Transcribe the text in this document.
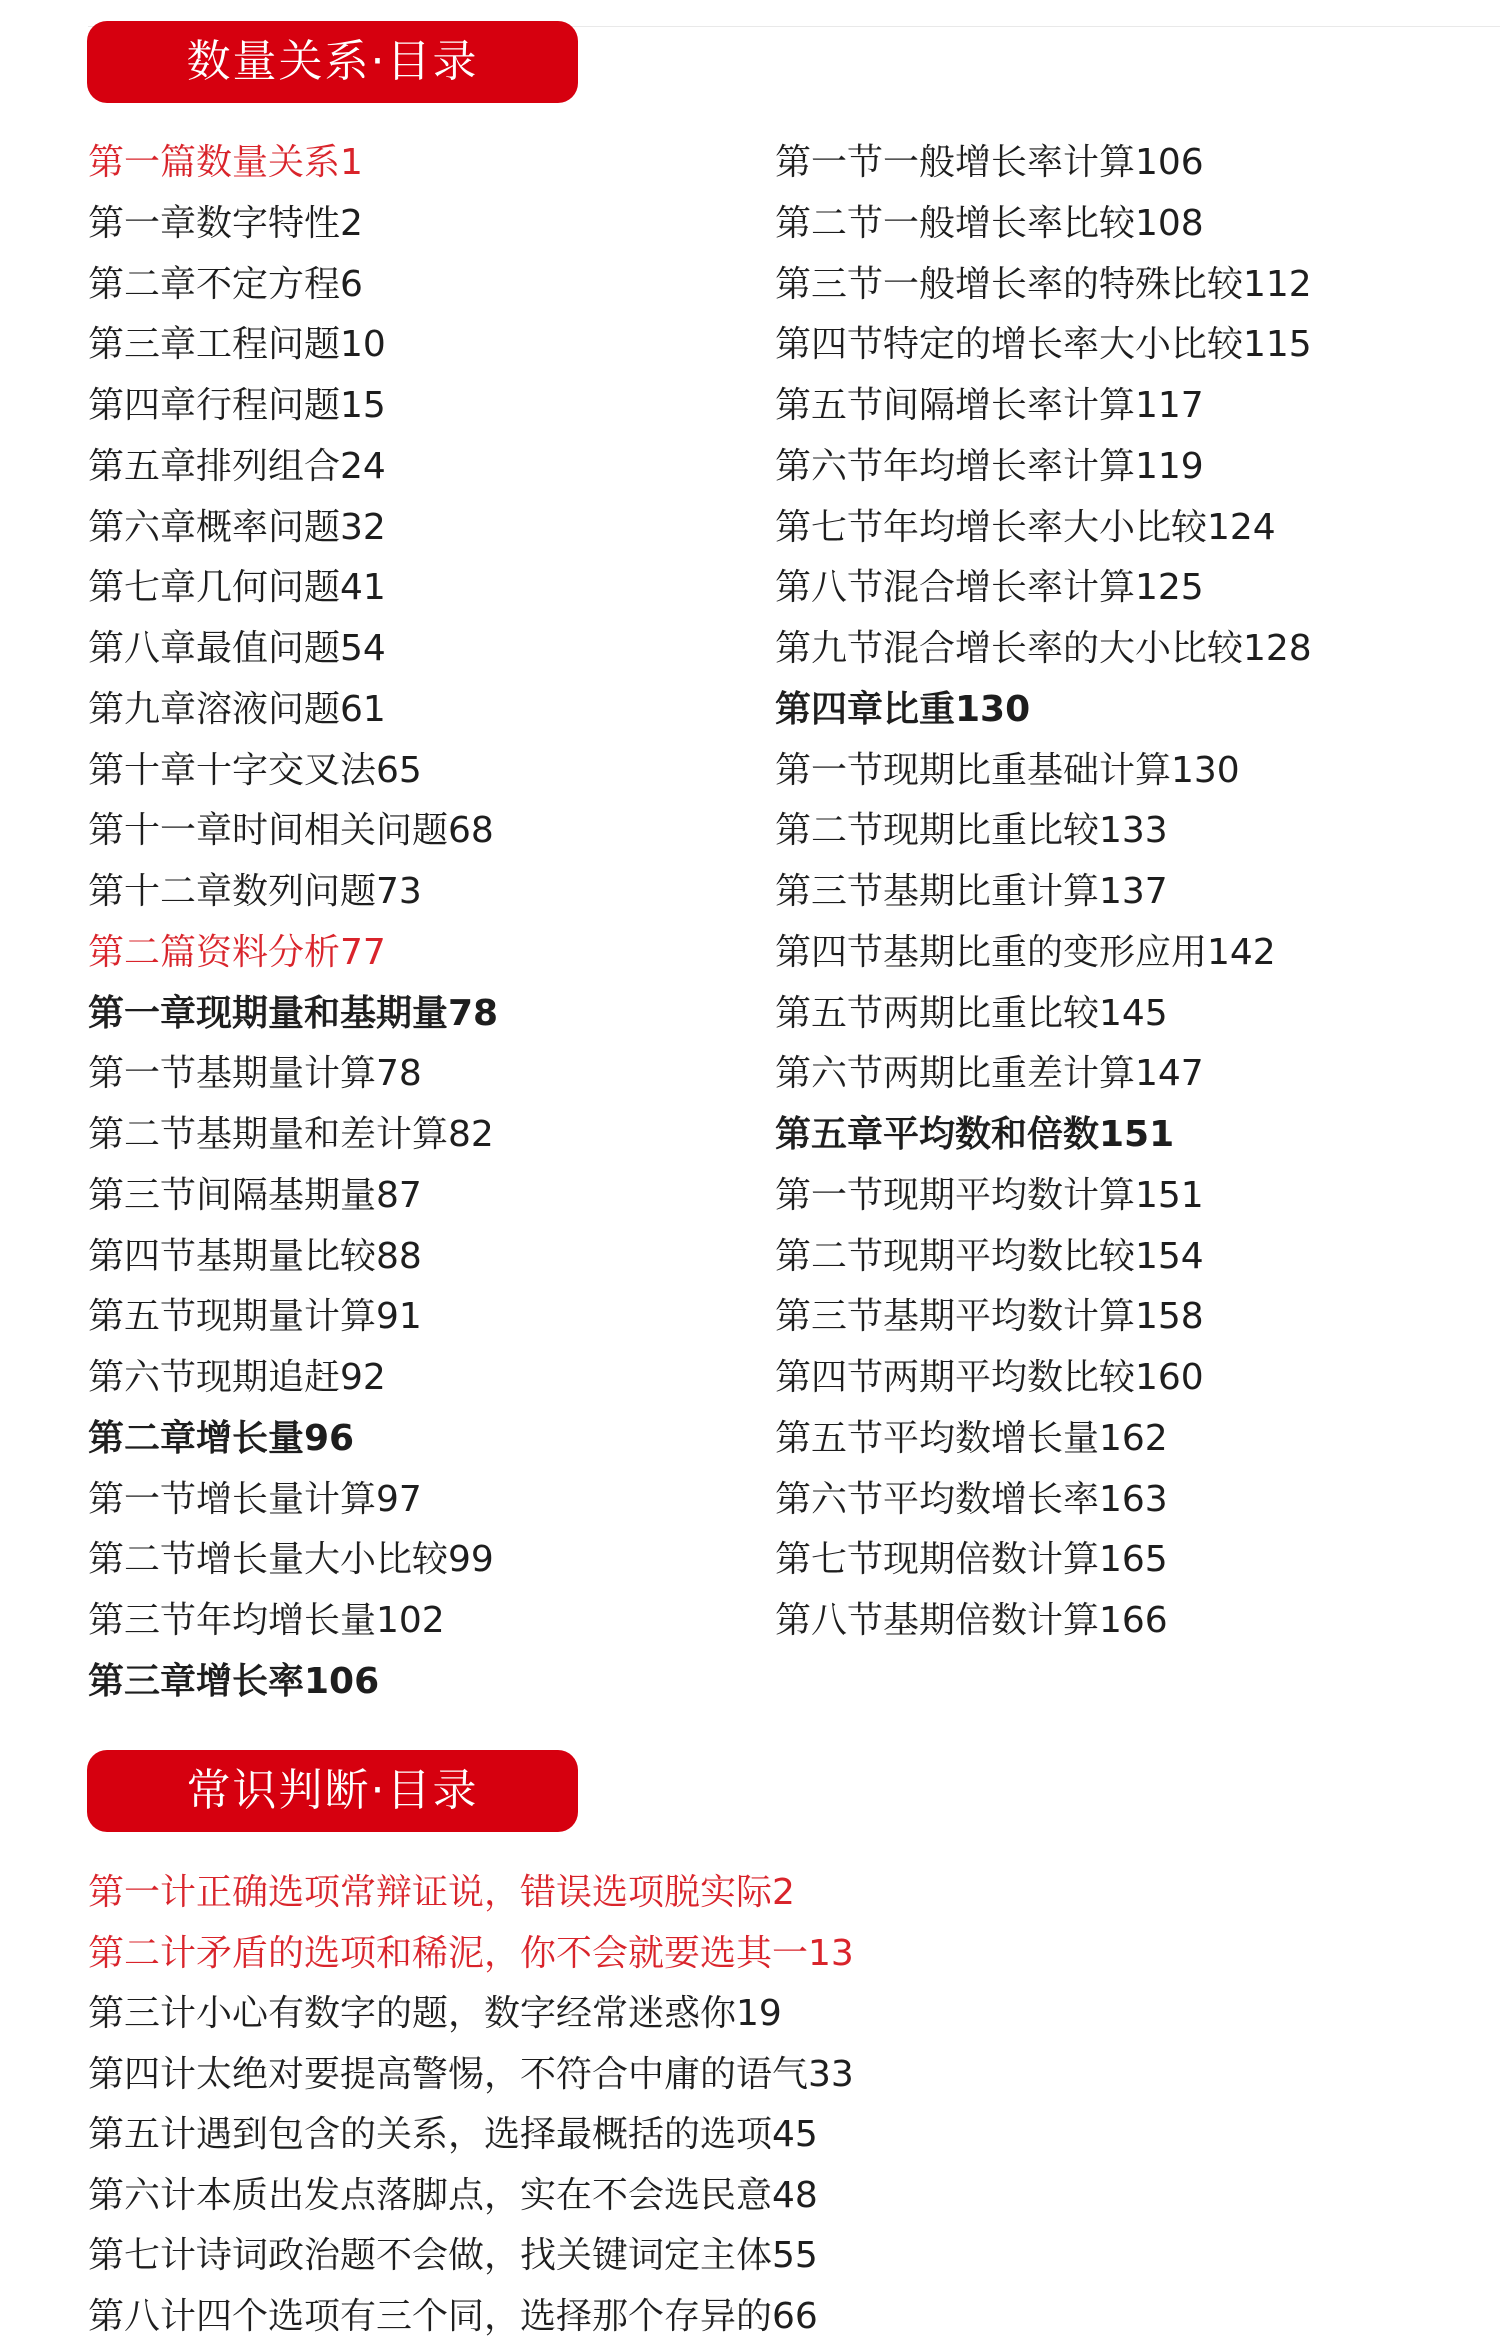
数量关系·目录
第一篇数量关系1
第一章数字特性2
第二章不定方程6
第三章工程问题10
第四章行程问题15
第五章排列组合24
第六章概率问题32
第七章几何问题41
第八章最值问题54
第九章溶液问题61
第十章十字交叉法65
第十一章时间相关问题68
第十二章数列问题73
第二篇资料分析77
第一章现期量和基期量78
第一节基期量计算78
第二节基期量和差计算82
第三节间隔基期量87
第四节基期量比较88
第五节现期量计算91
第六节现期追赶92
第二章增长量96
第一节增长量计算97
第二节增长量大小比较99
第三节年均增长量102
第三章增长率106
第一节一般增长率计算106
第二节一般增长率比较108
第三节一般增长率的特殊比较112
第四节特定的增长率大小比较115
第五节间隔增长率计算117
第六节年均增长率计算119
第七节年均增长率大小比较124
第八节混合增长率计算125
第九节混合增长率的大小比较128
第四章比重130
第一节现期比重基础计算130
第二节现期比重比较133
第三节基期比重计算137
第四节基期比重的变形应用142
第五节两期比重比较145
第六节两期比重差计算147
第五章平均数和倍数151
第一节现期平均数计算151
第二节现期平均数比较154
第三节基期平均数计算158
第四节两期平均数比较160
第五节平均数增长量162
第六节平均数增长率163
第七节现期倍数计算165
第八节基期倍数计算166
常识判断·目录
第一计正确选项常辩证说，错误选项脱实际2
第二计矛盾的选项和稀泥，你不会就要选其一13
第三计小心有数字的题，数字经常迷惑你19
第四计太绝对要提高警惕，不符合中庸的语气33
第五计遇到包含的关系，选择最概括的选项45
第六计本质出发点落脚点，实在不会选民意48
第七计诗词政治题不会做，找关键词定主体55
第八计四个选项有三个同，选择那个存异的66
